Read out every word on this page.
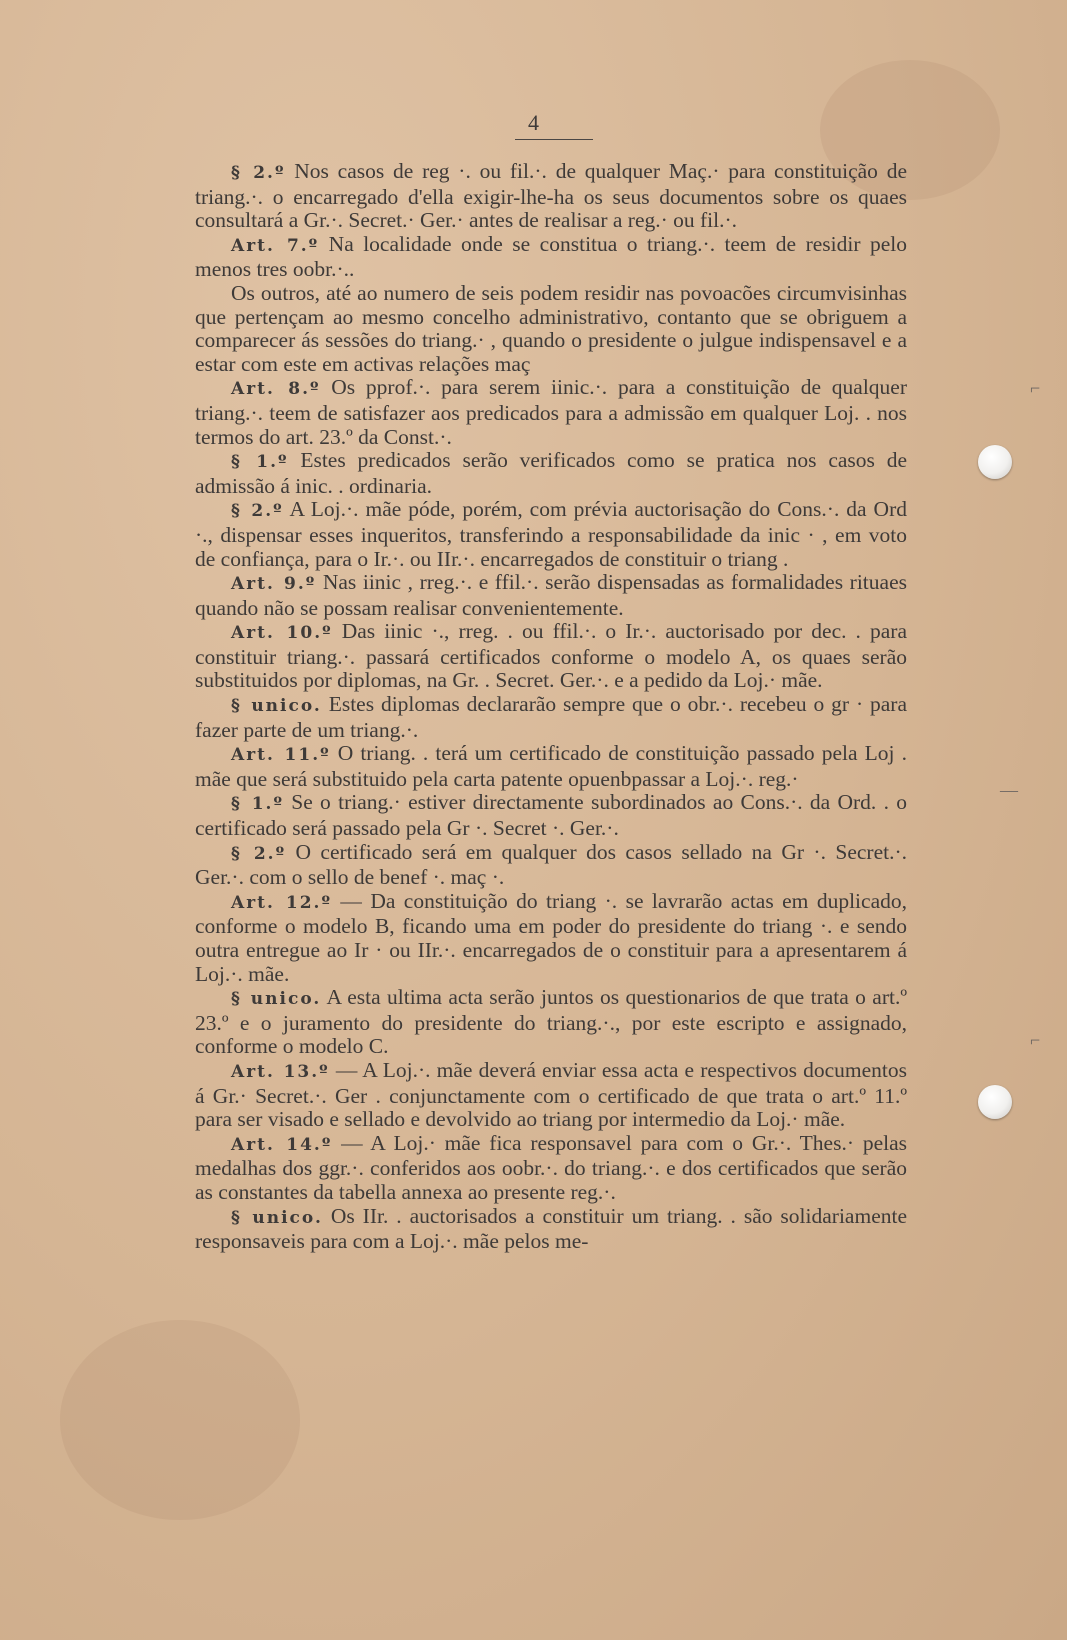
4

§ 2.º Nos casos de reg ·. ou fil.·. de qualquer Maç.· para constituição de triang.·. o encarregado d'ella exigir-lhe-ha os seus documentos sobre os quaes consultará a Gr.·. Secret.· Ger.· antes de realisar a reg.· ou fil.·.

Art. 7.º Na localidade onde se constitua o triang.·. teem de residir pelo menos tres oobr.·..

Os outros, até ao numero de seis podem residir nas povoacões circumvisinhas que pertençam ao mesmo concelho administrativo, contanto que se obriguem a comparecer ás sessões do triang.· , quando o presidente o julgue indispensavel e a estar com este em activas relações maç

Art. 8.º Os pprof.·. para serem iinic.·. para a constituição de qualquer triang.·. teem de satisfazer aos predicados para a admissão em qualquer Loj. . nos termos do art. 23.º da Const.·.

§ 1.º Estes predicados serão verificados como se pratica nos casos de admissão á inic. . ordinaria.

§ 2.º A Loj.·. mãe póde, porém, com prévia auctorisação do Cons.·. da Ord ·., dispensar esses inqueritos, transferindo a responsabilidade da inic · , em voto de confiança, para o Ir.·. ou IIr.·. encarregados de constituir o triang .

Art. 9.º Nas iinic , rreg.·. e ffil.·. serão dispensadas as formalidades rituaes quando não se possam realisar convenientemente.

Art. 10.º Das iinic ·., rreg. . ou ffil.·. o Ir.·. auctorisado por dec. . para constituir triang.·. passará certificados conforme o modelo A, os quaes serão substituidos por diplomas, na Gr. . Secret. Ger.·. e a pedido da Loj.· mãe.

§ unico. Estes diplomas declararão sempre que o obr.·. recebeu o gr · para fazer parte de um triang.·.

Art. 11.º O triang. . terá um certificado de constituição passado pela Loj . mãe que será substituido pela carta patente opuenbpassar a Loj.·. reg.·

§ 1.º Se o triang.· estiver directamente subordinados ao Cons.·. da Ord. . o certificado será passado pela Gr ·. Secret ·. Ger.·.

§ 2.º O certificado será em qualquer dos casos sellado na Gr ·. Secret.·. Ger.·. com o sello de benef ·. maç ·.

Art. 12.º — Da constituição do triang ·. se lavrarão actas em duplicado, conforme o modelo B, ficando uma em poder do presidente do triang ·. e sendo outra entregue ao Ir · ou IIr.·. encarregados de o constituir para a apresentarem á Loj.·. mãe.

§ unico. A esta ultima acta serão juntos os questionarios de que trata o art.º 23.º e o juramento do presidente do triang.·., por este escripto e assignado, conforme o modelo C.

Art. 13.º — A Loj.·. mãe deverá enviar essa acta e respectivos documentos á Gr.· Secret.·. Ger . conjunctamente com o certificado de que trata o art.º 11.º para ser visado e sellado e devolvido ao triang por intermedio da Loj.· mãe.

Art. 14.º — A Loj.· mãe fica responsavel para com o Gr.·. Thes.· pelas medalhas dos ggr.·. conferidos aos oobr.·. do triang.·. e dos certificados que serão as constantes da tabella annexa ao presente reg.·.

§ unico. Os IIr. . auctorisados a constituir um triang. . são solidariamente responsaveis para com a Loj.·. mãe pelos me-

⌐
—
⌐
